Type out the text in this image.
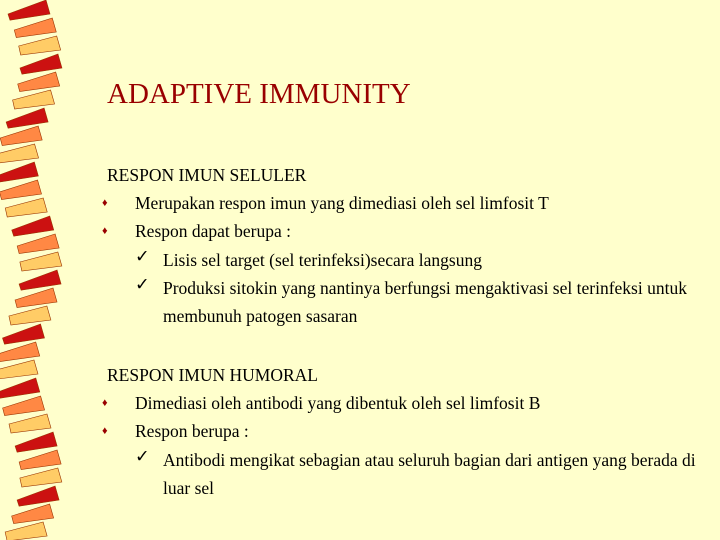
ADAPTIVE IMMUNITY
RESPON IMUN SELULER
♦ Merupakan respon imun yang dimediasi oleh sel limfosit T
♦ Respon dapat berupa :
✓ Lisis sel target (sel terinfeksi)secara langsung
✓ Produksi sitokin yang nantinya berfungsi mengaktivasi sel terinfeksi untuk membunuh patogen sasaran
RESPON IMUN HUMORAL
♦ Dimediasi oleh antibodi yang dibentuk oleh sel limfosit B
♦ Respon berupa :
✓ Antibodi mengikat sebagian atau seluruh bagian dari antigen yang berada di luar sel
